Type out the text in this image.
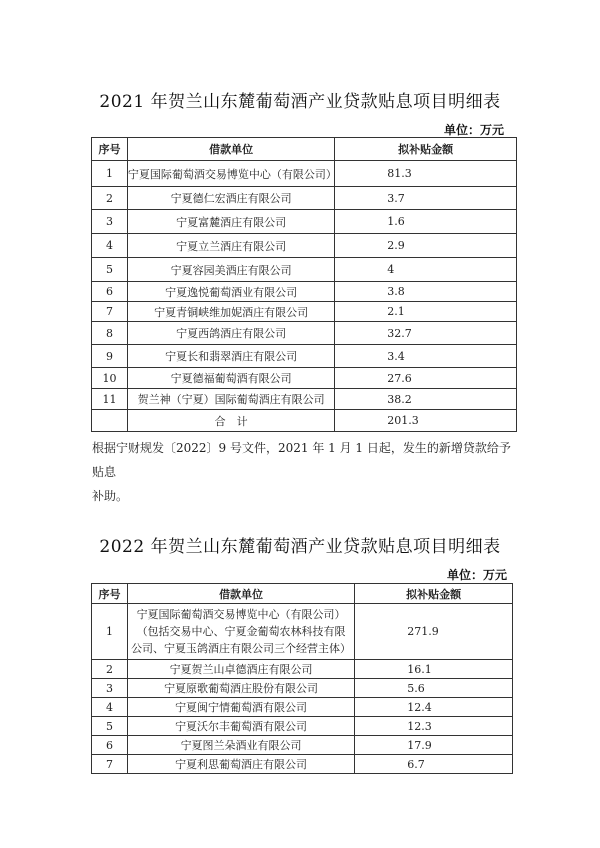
2021 年贺兰山东麓葡萄酒产业贷款贴息项目明细表
单位：万元
序号	借款单位	拟补贴金额
1	宁夏国际葡萄酒交易博览中心（有限公司）	81.3
2	宁夏德仁宏酒庄有限公司	3.7
3	宁夏富麓酒庄有限公司	1.6
4	宁夏立兰酒庄有限公司	2.9
5	宁夏容园美酒庄有限公司	4
6	宁夏逸悦葡萄酒业有限公司	3.8
7	宁夏青铜峡维加妮酒庄有限公司	2.1
8	宁夏西鸽酒庄有限公司	32.7
9	宁夏长和翡翠酒庄有限公司	3.4
10	宁夏德福葡萄酒有限公司	27.6
11	贺兰神（宁夏）国际葡萄酒庄有限公司	38.2
	合　计	201.3
根据宁财规发〔2022〕9 号文件，2021 年 1 月 1 日起，发生的新增贷款给予贴息
补助。
2022 年贺兰山东麓葡萄酒产业贷款贴息项目明细表
单位：万元
序号	借款单位	拟补贴金额
1	宁夏国际葡萄酒交易博览中心（有限公司）
（包括交易中心、宁夏金葡萄农林科技有限
公司、宁夏玉鸽酒庄有限公司三个经营主体）	271.9
2	宁夏贺兰山卓德酒庄有限公司	16.1
3	宁夏原歌葡萄酒庄股份有限公司	5.6
4	宁夏闽宁情葡萄酒有限公司	12.4
5	宁夏沃尔丰葡萄酒有限公司	12.3
6	宁夏图兰朵酒业有限公司	17.9
7	宁夏利思葡萄酒庄有限公司	6.7
